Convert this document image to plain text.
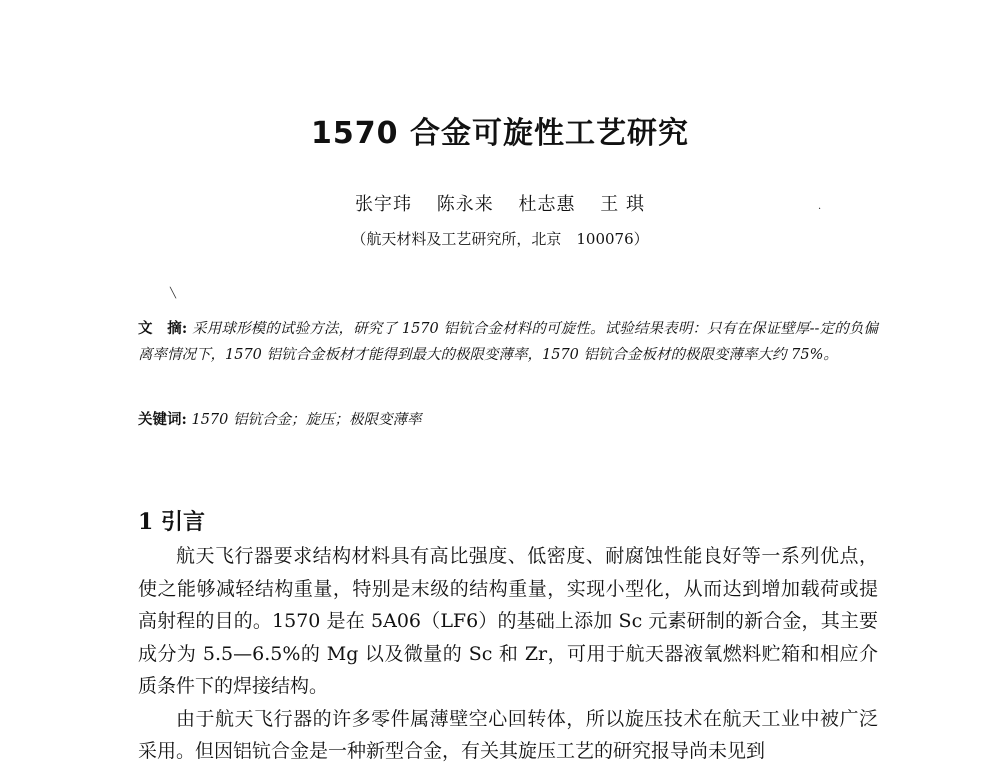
1570 合金可旋性工艺研究
张宇玮 陈永来 杜志惠 王 琪
（航天材料及工艺研究所，北京　100076）
·
╲
文　摘: 采用球形模的试验方法，研究了 1570 铝钪合金材料的可旋性。试验结果表明：只有在保证壁厚--定的负偏离率情况下，1570 铝钪合金板材才能得到最大的极限变薄率，1570 铝钪合金板材的极限变薄率大约 75%。
关键词: 1570 铝钪合金；旋压；极限变薄率
1 引言

航天飞行器要求结构材料具有高比强度、低密度、耐腐蚀性能良好等一系列优点，使之能够减轻结构重量，特别是末级的结构重量，实现小型化，从而达到增加载荷或提高射程的目的。1570 是在 5A06（LF6）的基础上添加 Sc 元素研制的新合金，其主要成分为 5.5—6.5%的 Mg 以及微量的 Sc 和 Zr，可用于航天器液氧燃料贮箱和相应介质条件下的焊接结构。

由于航天飞行器的许多零件属薄壁空心回转体，所以旋压技术在航天工业中被广泛采用。但因铝钪合金是一种新型合金，有关其旋压工艺的研究报导尚未见到
